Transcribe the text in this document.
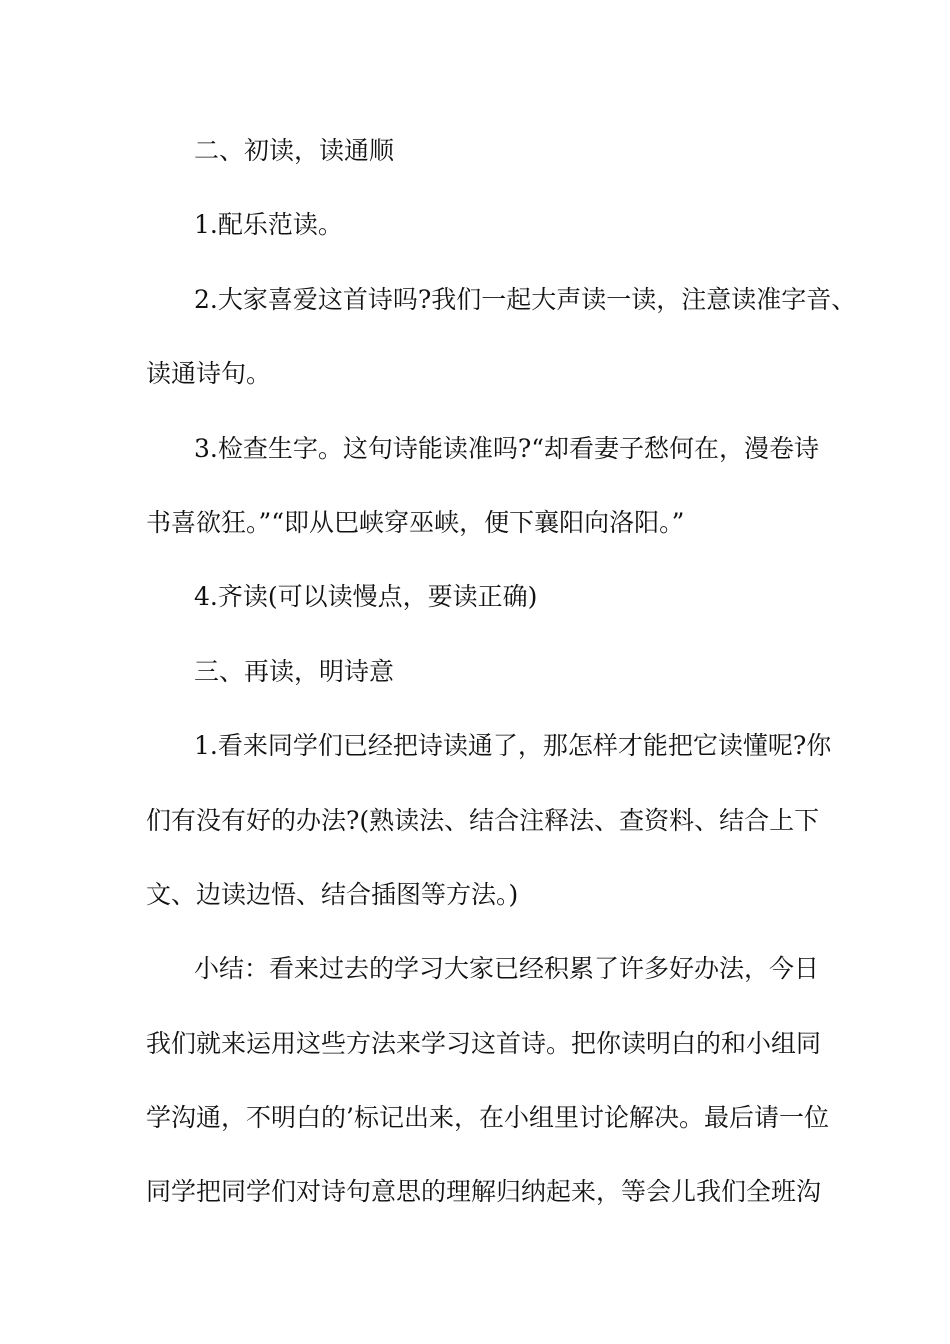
二、初读，读通顺
1.配乐范读。
2.大家喜爱这首诗吗?我们一起大声读一读，注意读准字音、
读通诗句。
3.检查生字。这句诗能读准吗?“却看妻子愁何在，漫卷诗
书喜欲狂。”“即从巴峡穿巫峡，便下襄阳向洛阳。”
4.齐读(可以读慢点，要读正确)
三、再读，明诗意
1.看来同学们已经把诗读通了，那怎样才能把它读懂呢?你
们有没有好的办法?(熟读法、结合注释法、查资料、结合上下
文、边读边悟、结合插图等方法。)
小结：看来过去的学习大家已经积累了许多好办法，今日
我们就来运用这些方法来学习这首诗。把你读明白的和小组同
学沟通，不明白的’标记出来，在小组里讨论解决。最后请一位
同学把同学们对诗句意思的理解归纳起来，等会儿我们全班沟
